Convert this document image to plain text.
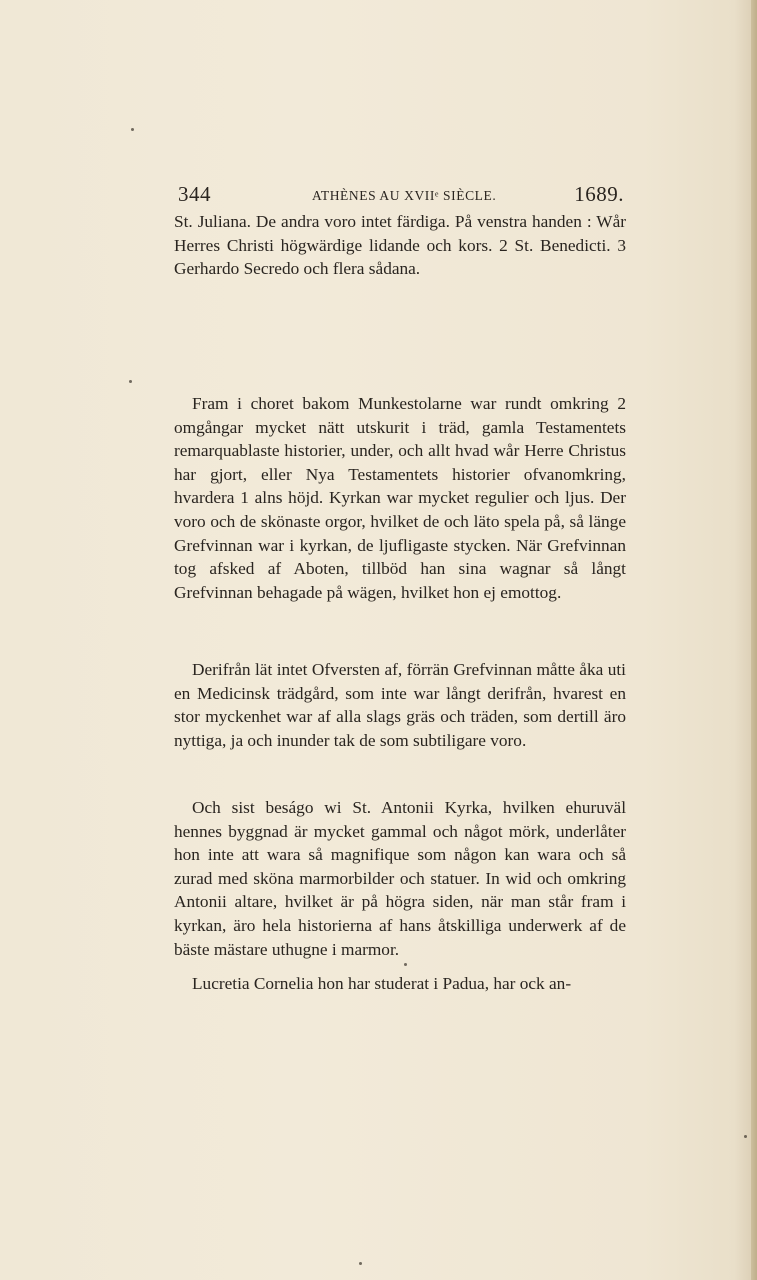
344	ATHÈNES AU XVIIᵉ SIÈCLE.	1689.

St. Juliana. De andra voro intet färdiga. På venstra handen : Wår Herres Christi högwärdige lidande och kors. 2 St. Benedicti. 3 Gerhardo Secredo och flera sådana.

Fram i choret bakom Munkestolarne war rundt omkring 2 omgångar mycket nätt utskurit i träd, gamla Testamentets remarquablaste historier, under, och allt hvad wår Herre Christus har gjort, eller Nya Testamentets historier ofvanomkring, hvardera 1 alns höjd. Kyrkan war mycket regulier och ljus. Der voro och de skönaste orgor, hvilket de och läto spela på, så länge Grefvinnan war i kyrkan, de ljufligaste stycken. När Grefvinnan tog afsked af Aboten, tillböd han sina wagnar så långt Grefvinnan behagade på wägen, hvilket hon ej emottog.

Derifrån lät intet Ofversten af, förrän Grefvinnan måtte åka uti en Medicinsk trädgård, som inte war långt derifrån, hvarest en stor myckenhet war af alla slags gräs och träden, som dertill äro nyttiga, ja och inunder tak de som subtiligare voro.

Och sist beságo wi St. Antonii Kyrka, hvilken ehuruväl hennes byggnad är mycket gammal och något mörk, underlåter hon inte att wara så magnifique som någon kan wara och så zurad med sköna marmorbilder och statuer. In wid och omkring Antonii altare, hvilket är på högra siden, när man står fram i kyrkan, äro hela historierna af hans åtskilliga underwerk af de bäste mästare uthugne i marmor.

Lucretia Cornelia hon har studerat i Padua, har ock an-
